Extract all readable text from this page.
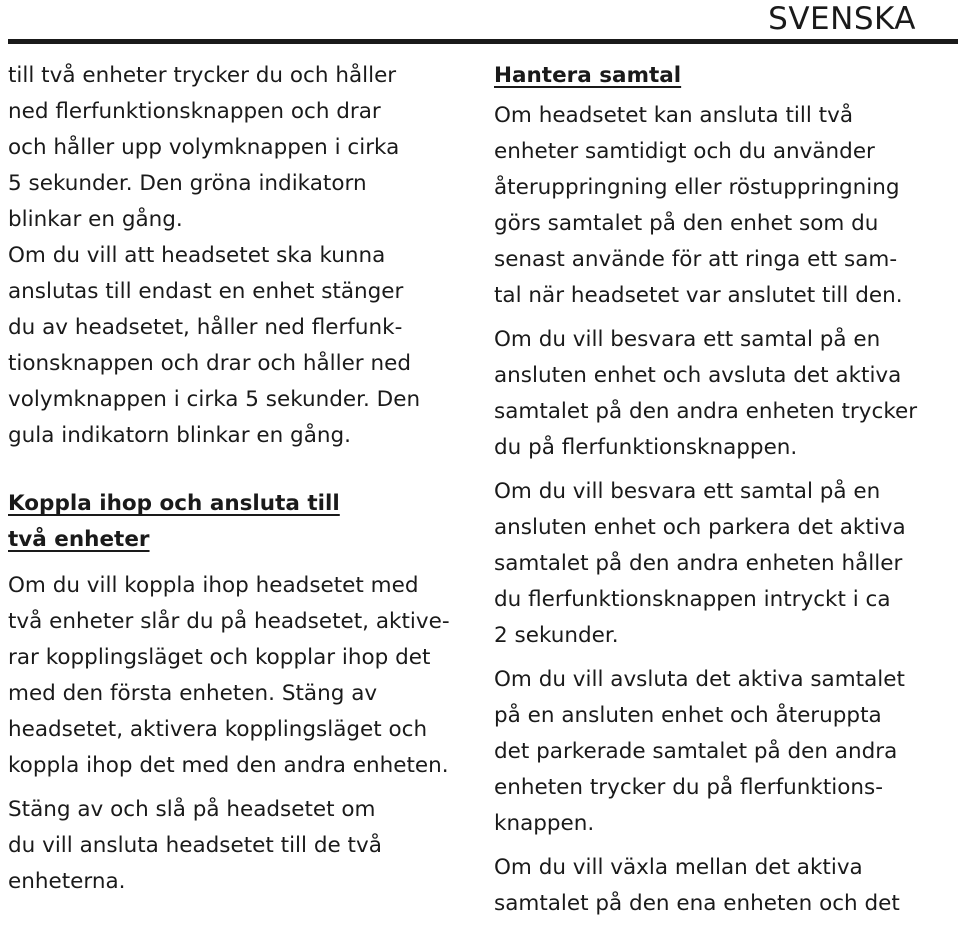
SVENSKA
till två enheter trycker du och håller
ned flerfunktionsknappen och drar
och håller upp volymknappen i cirka
5 sekunder. Den gröna indikatorn
blinkar en gång.
Om du vill att headsetet ska kunna
anslutas till endast en enhet stänger
du av headsetet, håller ned flerfunk-
tionsknappen och drar och håller ned
volymknappen i cirka 5 sekunder. Den
gula indikatorn blinkar en gång.
Koppla ihop och ansluta till
två enheter
Om du vill koppla ihop headsetet med
två enheter slår du på headsetet, aktive-
rar kopplingsläget och kopplar ihop det
med den första enheten. Stäng av
headsetet, aktivera kopplingsläget och
koppla ihop det med den andra enheten.
Stäng av och slå på headsetet om
du vill ansluta headsetet till de två
enheterna.
Hantera samtal
Om headsetet kan ansluta till två
enheter samtidigt och du använder
återuppringning eller röstuppringning
görs samtalet på den enhet som du
senast använde för att ringa ett sam-
tal när headsetet var anslutet till den.
Om du vill besvara ett samtal på en
ansluten enhet och avsluta det aktiva
samtalet på den andra enheten trycker
du på flerfunktionsknappen.
Om du vill besvara ett samtal på en
ansluten enhet och parkera det aktiva
samtalet på den andra enheten håller
du flerfunktionsknappen intryckt i ca
2 sekunder.
Om du vill avsluta det aktiva samtalet
på en ansluten enhet och återuppta
det parkerade samtalet på den andra
enheten trycker du på flerfunktions-
knappen.
Om du vill växla mellan det aktiva
samtalet på den ena enheten och det
